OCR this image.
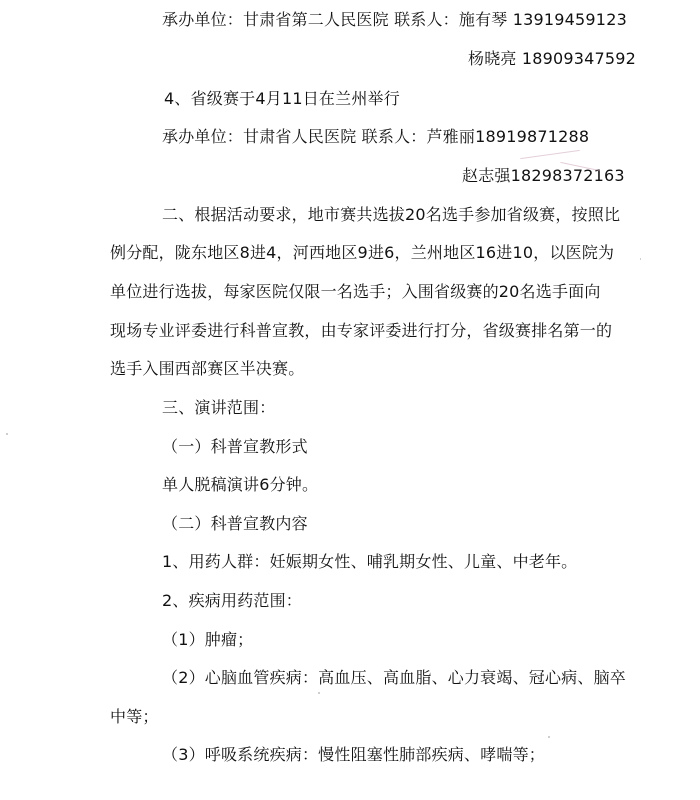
承办单位：甘肃省第二人民医院 联系人：施有琴 13919459123
杨晓亮 18909347592
4、省级赛于4月11日在兰州举行
承办单位：甘肃省人民医院 联系人：芦雅丽18919871288
赵志强18298372163
二、根据活动要求，地市赛共选拔20名选手参加省级赛，按照比
例分配，陇东地区8进4，河西地区9进6，兰州地区16进10，以医院为
单位进行选拔，每家医院仅限一名选手；入围省级赛的20名选手面向
现场专业评委进行科普宣教，由专家评委进行打分，省级赛排名第一的
选手入围西部赛区半决赛。
三、演讲范围：
（一）科普宣教形式
单人脱稿演讲6分钟。
（二）科普宣教内容
1、用药人群：妊娠期女性、哺乳期女性、儿童、中老年。
2、疾病用药范围：
（1）肿瘤；
（2）心脑血管疾病：高血压、高血脂、心力衰竭、冠心病、脑卒
中等；
（3）呼吸系统疾病：慢性阻塞性肺部疾病、哮喘等；
